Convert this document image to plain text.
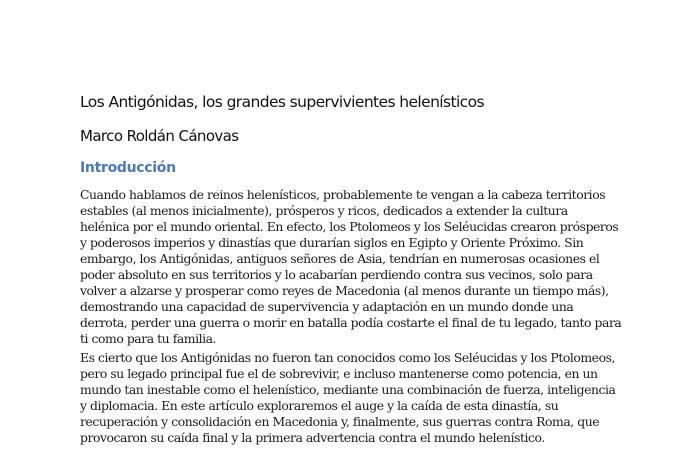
Los Antigónidas, los grandes supervivientes helenísticos
Marco Roldán Cánovas
Introducción

Cuando hablamos de reinos helenísticos, probablemente te vengan a la cabeza territorios
estables (al menos inicialmente), prósperos y ricos, dedicados a extender la cultura
helénica por el mundo oriental. En efecto, los Ptolomeos y los Seléucidas crearon prósperos
y poderosos imperios y dinastías que durarían siglos en Egipto y Oriente Próximo. Sin
embargo, los Antigónidas, antiguos señores de Asia, tendrían en numerosas ocasiones el
poder absoluto en sus territorios y lo acabarían perdiendo contra sus vecinos, solo para
volver a alzarse y prosperar como reyes de Macedonia (al menos durante un tiempo más),
demostrando una capacidad de supervivencia y adaptación en un mundo donde una
derrota, perder una guerra o morir en batalla podía costarte el final de tu legado, tanto para
ti como para tu familia.

Es cierto que los Antigónidas no fueron tan conocidos como los Seléucidas y los Ptolomeos,
pero su legado principal fue el de sobrevivir, e incluso mantenerse como potencia, en un
mundo tan inestable como el helenístico, mediante una combinación de fuerza, inteligencia
y diplomacia. En este artículo exploraremos el auge y la caída de esta dinastía, su
recuperación y consolidación en Macedonia y, finalmente, sus guerras contra Roma, que
provocaron su caída final y la primera advertencia contra el mundo helenístico.
